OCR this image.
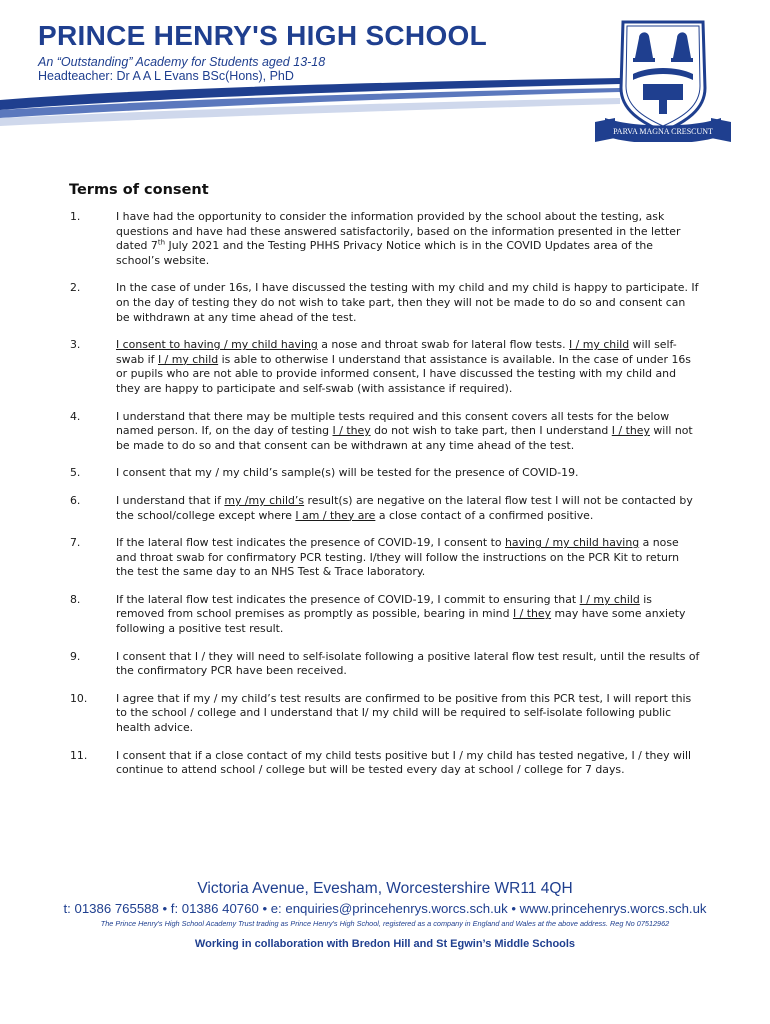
PRINCE HENRY'S HIGH SCHOOL
An “Outstanding” Academy for Students aged 13-18
Headteacher: Dr A A L Evans BSc(Hons), PhD
PARVA MAGNA CRESCUNT
Terms of consent
1.	I have had the opportunity to consider the information provided by the school about the testing, ask questions and have had these answered satisfactorily, based on the information presented in the letter dated 7th July 2021 and the Testing PHHS Privacy Notice which is in the COVID Updates area of the school’s website.
2.	In the case of under 16s, I have discussed the testing with my child and my child is happy to participate. If on the day of testing they do not wish to take part, then they will not be made to do so and consent can be withdrawn at any time ahead of the test.
3.	I consent to having / my child having a nose and throat swab for lateral flow tests. I / my child will self-swab if I / my child is able to otherwise I understand that assistance is available. In the case of under 16s or pupils who are not able to provide informed consent, I have discussed the testing with my child and they are happy to participate and self-swab (with assistance if required).
4.	I understand that there may be multiple tests required and this consent covers all tests for the below named person. If, on the day of testing I / they do not wish to take part, then I understand I / they will not be made to do so and that consent can be withdrawn at any time ahead of the test.
5.	I consent that my / my child’s sample(s) will be tested for the presence of COVID-19.
6.	I understand that if my /my child’s result(s) are negative on the lateral flow test I will not be contacted by the school/college except where I am / they are a close contact of a confirmed positive.
7.	If the lateral flow test indicates the presence of COVID-19, I consent to having / my child having a nose and throat swab for confirmatory PCR testing. I/they will follow the instructions on the PCR Kit to return the test the same day to an NHS Test & Trace laboratory.
8.	If the lateral flow test indicates the presence of COVID-19, I commit to ensuring that I / my child is removed from school premises as promptly as possible, bearing in mind I / they may have some anxiety following a positive test result.
9.	I consent that I / they will need to self-isolate following a positive lateral flow test result, until the results of the confirmatory PCR have been received.
10.	I agree that if my / my child’s test results are confirmed to be positive from this PCR test, I will report this to the school / college and I understand that I/ my child will be required to self-isolate following public health advice.
11.	I consent that if a close contact of my child tests positive but I / my child has tested negative, I / they will continue to attend school / college but will be tested every day at school / college for 7 days.
Victoria Avenue, Evesham, Worcestershire WR11 4QH
t: 01386 765588 • f: 01386 40760 • e: enquiries@princehenrys.worcs.sch.uk • www.princehenrys.worcs.sch.uk
The Prince Henry's High School Academy Trust trading as Prince Henry's High School, registered as a company in England and Wales at the above address. Reg No 07512962
Working in collaboration with Bredon Hill and St Egwin’s Middle Schools
